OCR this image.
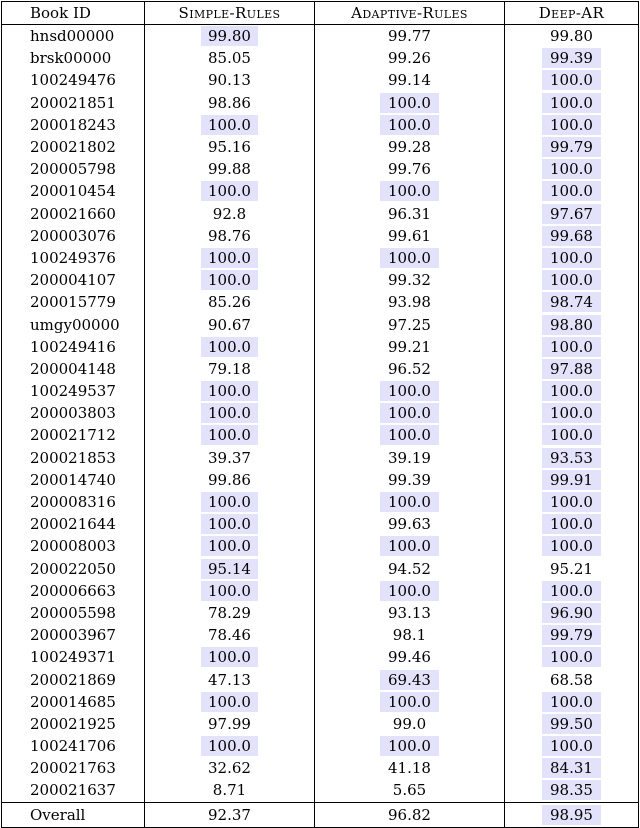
Book ID	Simple-Rules	Adaptive-Rules	Deep-AR
hnsd00000	99.80	99.77	99.80
brsk00000	85.05	99.26	99.39
100249476	90.13	99.14	100.0
200021851	98.86	100.0	100.0
200018243	100.0	100.0	100.0
200021802	95.16	99.28	99.79
200005798	99.88	99.76	100.0
200010454	100.0	100.0	100.0
200021660	92.8	96.31	97.67
200003076	98.76	99.61	99.68
100249376	100.0	100.0	100.0
200004107	100.0	99.32	100.0
200015779	85.26	93.98	98.74
umgy00000	90.67	97.25	98.80
100249416	100.0	99.21	100.0
200004148	79.18	96.52	97.88
100249537	100.0	100.0	100.0
200003803	100.0	100.0	100.0
200021712	100.0	100.0	100.0
200021853	39.37	39.19	93.53
200014740	99.86	99.39	99.91
200008316	100.0	100.0	100.0
200021644	100.0	99.63	100.0
200008003	100.0	100.0	100.0
200022050	95.14	94.52	95.21
200006663	100.0	100.0	100.0
200005598	78.29	93.13	96.90
200003967	78.46	98.1	99.79
100249371	100.0	99.46	100.0
200021869	47.13	69.43	68.58
200014685	100.0	100.0	100.0
200021925	97.99	99.0	99.50
100241706	100.0	100.0	100.0
200021763	32.62	41.18	84.31
200021637	8.71	5.65	98.35
Overall	92.37	96.82	98.95
